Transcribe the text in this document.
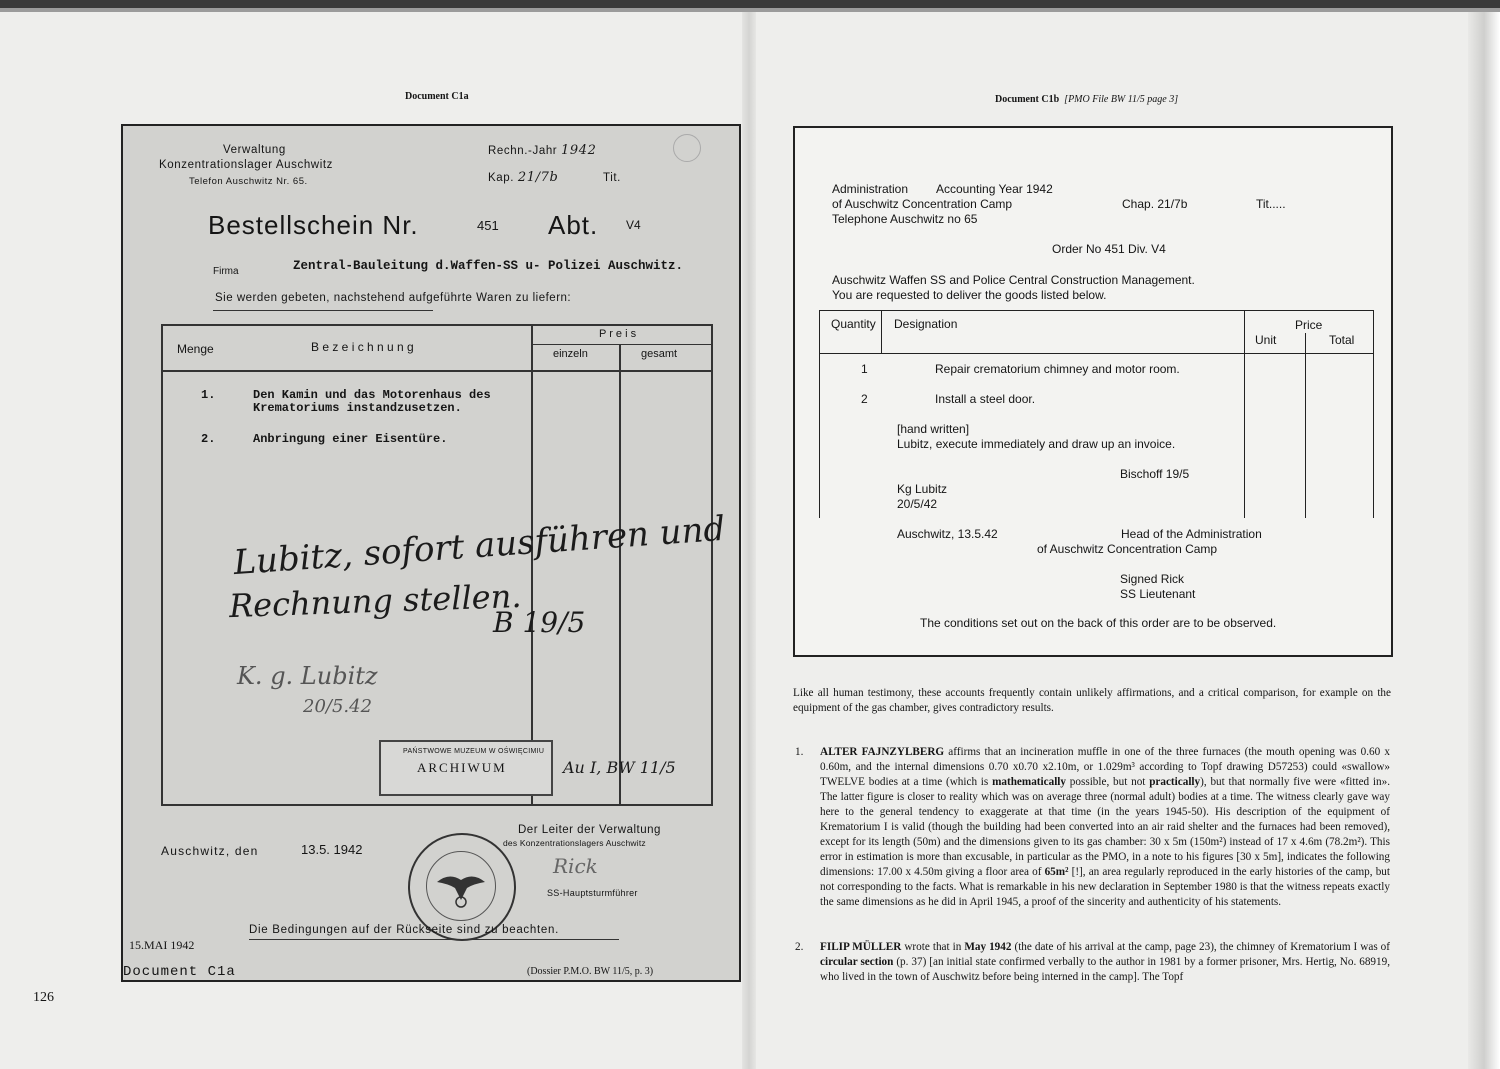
Document C1a	Document C1b [PMO File BW 11/5 page 3]
Verwaltung
Konzentrationslager Auschwitz
Telefon Auschwitz Nr. 65.
Rechn.-Jahr 1942
Kap. 21/7b	Tit.
Bestellschein Nr.	451 Abt. V4
Firma	Zentral-Bauleitung d.Waffen-SS u- Polizei Auschwitz.
Sie werden gebeten, nachstehend aufgeführte Waren zu liefern:
Menge	B e z e i c h n u n g
P r e i s
einzeln	gesamt
1.	Den Kamin und das Motorenhaus des
Krematoriums instandzusetzen.
2.	Anbringung einer Eisentüre.
Lubitz, sofort ausführen und
Rechnung stellen.
B 19/5
K. g. Lubitz
20/5.42
PAŃSTWOWE MUZEUM W OŚWIĘCIMIU
ARCHIWUM	Au I, BW 11/5
Auschwitz, den	13.5. 1942
Der Leiter der Verwaltung
des Konzentrationslagers Auschwitz
Rick
SS-Hauptsturmführer
Die Bedingungen auf der Rückseite sind zu beachten.
15.MAI 1942
Document C1a	(Dossier P.M.O. BW 11/5, p. 3)
Administration Accounting Year 1942
of Auschwitz Concentration Camp	Chap. 21/7b	Tit.....
Telephone Auschwitz no 65
Order No 451 Div. V4
Auschwitz Waffen SS and Police Central Construction Management.
You are requested to deliver the goods listed below.
Quantity Designation	Price
Unit	Total
1	Repair crematorium chimney and motor room.
2	Install a steel door.
[hand written]
Lubitz, execute immediately and draw up an invoice.
Bischoff 19/5
Kg Lubitz
20/5/42
Auschwitz, 13.5.42	Head of the Administration
of Auschwitz Concentration Camp
Signed Rick
SS Lieutenant
The conditions set out on the back of this order are to be observed.
Like all human testimony, these accounts frequently contain unlikely affirmations, and a critical comparison, for example on the equipment of the gas chamber, gives contradictory results.
1. ALTER FAJNZYLBERG affirms that an incineration muffle in one of the three furnaces (the mouth opening was 0.60 x 0.60m, and the internal dimensions 0.70 x0.70 x2.10m, or 1.029m³ according to Topf drawing D57253) could «swallow» TWELVE bodies at a time (which is mathematically possible, but not practically), but that normally five were «fitted in». The latter figure is closer to reality which was on average three (normal adult) bodies at a time. The witness clearly gave way here to the general tendency to exaggerate at that time (in the years 1945-50). His description of the equipment of Krematorium I is valid (though the building had been converted into an air raid shelter and the furnaces had been removed), except for its length (50m) and the dimensions given to its gas chamber: 30 x 5m (150m²) instead of 17 x 4.6m (78.2m²). This error in estimation is more than excusable, in particular as the PMO, in a note to his figures [30 x 5m], indicates the following dimensions: 17.00 x 4.50m giving a floor area of 65m² [!], an area regularly reproduced in the early histories of the camp, but not corresponding to the facts. What is remarkable in his new declaration in September 1980 is that the witness repeats exactly the same dimensions as he did in April 1945, a proof of the sincerity and authenticity of his statements.
2. FILIP MÜLLER wrote that in May 1942 (the date of his arrival at the camp, page 23), the chimney of Krematorium I was of circular section (p. 37) [an initial state confirmed verbally to the author in 1981 by a former prisoner, Mrs. Hertig, No. 68919, who lived in the town of Auschwitz before being interned in the camp]. The Topf
126
